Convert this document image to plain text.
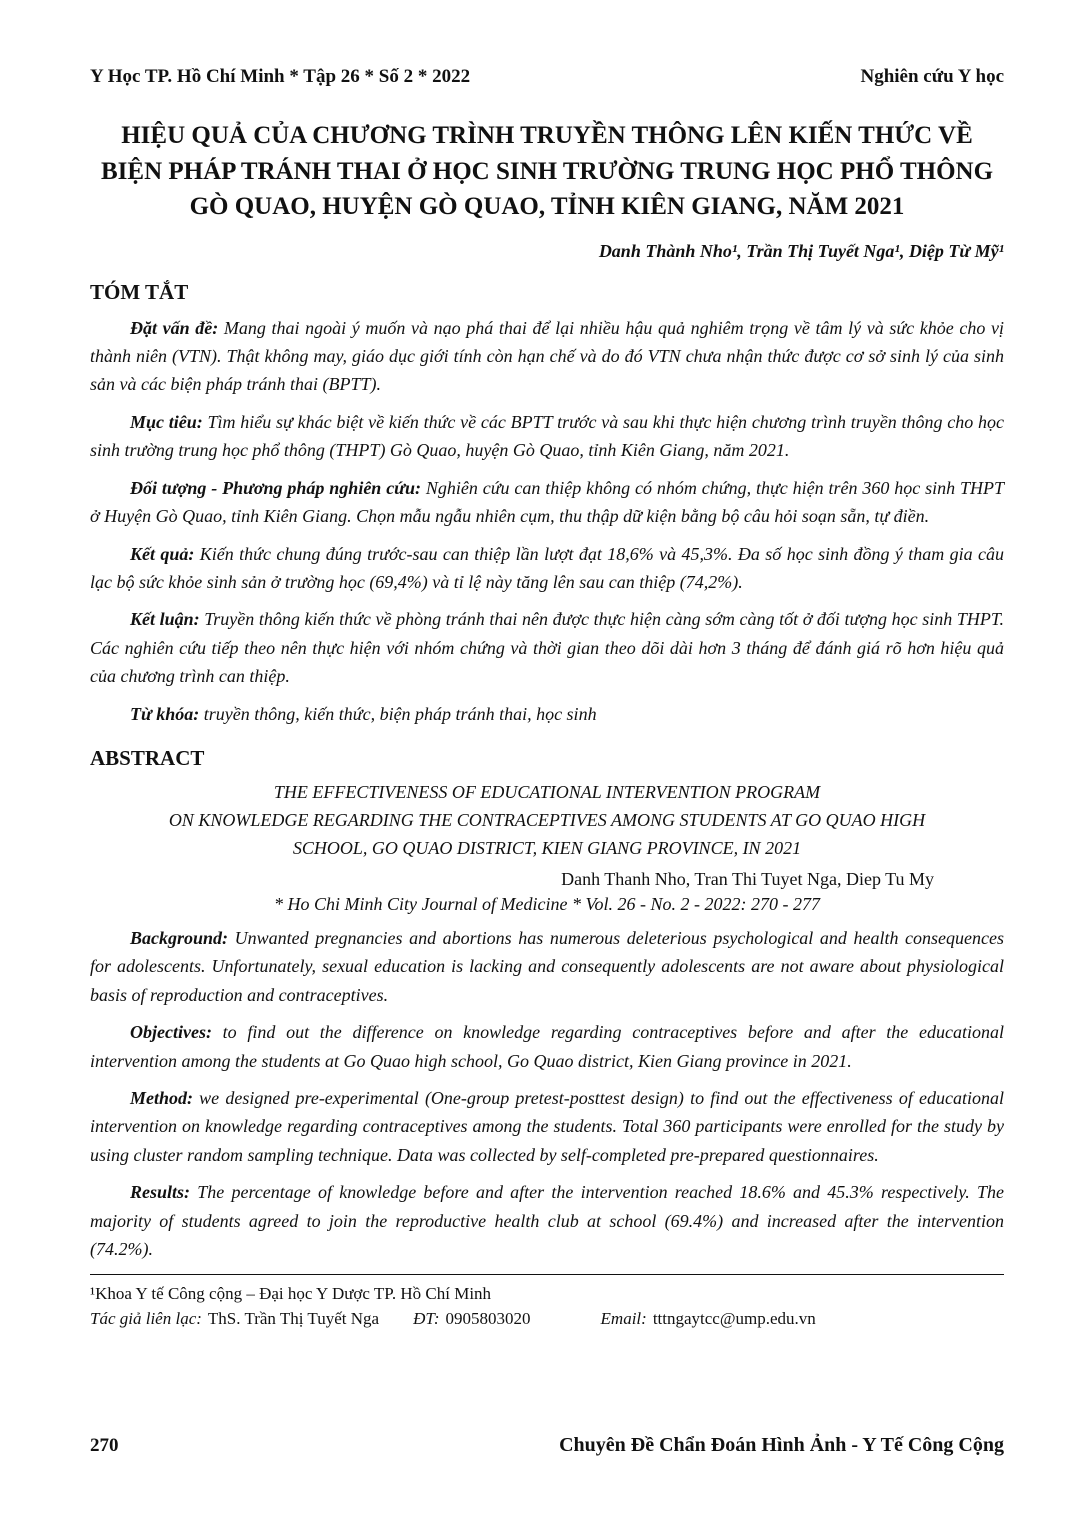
Y Học TP. Hồ Chí Minh * Tập 26 * Số 2 * 2022	Nghiên cứu Y học
HIỆU QUẢ CỦA CHƯƠNG TRÌNH TRUYỀN THÔNG LÊN KIẾN THỨC VỀ BIỆN PHÁP TRÁNH THAI Ở HỌC SINH TRƯỜNG TRUNG HỌC PHỔ THÔNG GÒ QUAO, HUYỆN GÒ QUAO, TỈNH KIÊN GIANG, NĂM 2021
Danh Thành Nho¹, Trần Thị Tuyết Nga¹, Diệp Từ Mỹ¹
TÓM TẮT

Đặt vấn đề: Mang thai ngoài ý muốn và nạo phá thai để lại nhiều hậu quả nghiêm trọng về tâm lý và sức khỏe cho vị thành niên (VTN). Thật không may, giáo dục giới tính còn hạn chế và do đó VTN chưa nhận thức được cơ sở sinh lý của sinh sản và các biện pháp tránh thai (BPTT).

Mục tiêu: Tìm hiểu sự khác biệt về kiến thức về các BPTT trước và sau khi thực hiện chương trình truyền thông cho học sinh trường trung học phổ thông (THPT) Gò Quao, huyện Gò Quao, tỉnh Kiên Giang, năm 2021.

Đối tượng - Phương pháp nghiên cứu: Nghiên cứu can thiệp không có nhóm chứng, thực hiện trên 360 học sinh THPT ở Huyện Gò Quao, tỉnh Kiên Giang. Chọn mẫu ngẫu nhiên cụm, thu thập dữ kiện bằng bộ câu hỏi soạn sẵn, tự điền.

Kết quả: Kiến thức chung đúng trước-sau can thiệp lần lượt đạt 18,6% và 45,3%. Đa số học sinh đồng ý tham gia câu lạc bộ sức khỏe sinh sản ở trường học (69,4%) và tỉ lệ này tăng lên sau can thiệp (74,2%).

Kết luận: Truyền thông kiến thức về phòng tránh thai nên được thực hiện càng sớm càng tốt ở đối tượng học sinh THPT. Các nghiên cứu tiếp theo nên thực hiện với nhóm chứng và thời gian theo dõi dài hơn 3 tháng để đánh giá rõ hơn hiệu quả của chương trình can thiệp.

Từ khóa: truyền thông, kiến thức, biện pháp tránh thai, học sinh

ABSTRACT
THE EFFECTIVENESS OF EDUCATIONAL INTERVENTION PROGRAM
ON KNOWLEDGE REGARDING THE CONTRACEPTIVES AMONG STUDENTS AT GO QUAO HIGH
SCHOOL, GO QUAO DISTRICT, KIEN GIANG PROVINCE, IN 2021
Danh Thanh Nho, Tran Thi Tuyet Nga, Diep Tu My
* Ho Chi Minh City Journal of Medicine * Vol. 26 - No. 2 - 2022: 270 - 277

Background: Unwanted pregnancies and abortions has numerous deleterious psychological and health consequences for adolescents. Unfortunately, sexual education is lacking and consequently adolescents are not aware about physiological basis of reproduction and contraceptives.

Objectives: to find out the difference on knowledge regarding contraceptives before and after the educational intervention among the students at Go Quao high school, Go Quao district, Kien Giang province in 2021.

Method: we designed pre-experimental (One-group pretest-posttest design) to find out the effectiveness of educational intervention on knowledge regarding contraceptives among the students. Total 360 participants were enrolled for the study by using cluster random sampling technique. Data was collected by self-completed pre-prepared questionnaires.

Results: The percentage of knowledge before and after the intervention reached 18.6% and 45.3% respectively. The majority of students agreed to join the reproductive health club at school (69.4%) and increased after the intervention (74.2%).

¹Khoa Y tế Công cộng – Đại học Y Dược TP. Hồ Chí Minh
Tác giả liên lạc: ThS. Trần Thị Tuyết Nga ĐT: 0905803020	Email: tttngaytcc@ump.edu.vn
270	Chuyên Đề Chẩn Đoán Hình Ảnh - Y Tế Công Cộng
